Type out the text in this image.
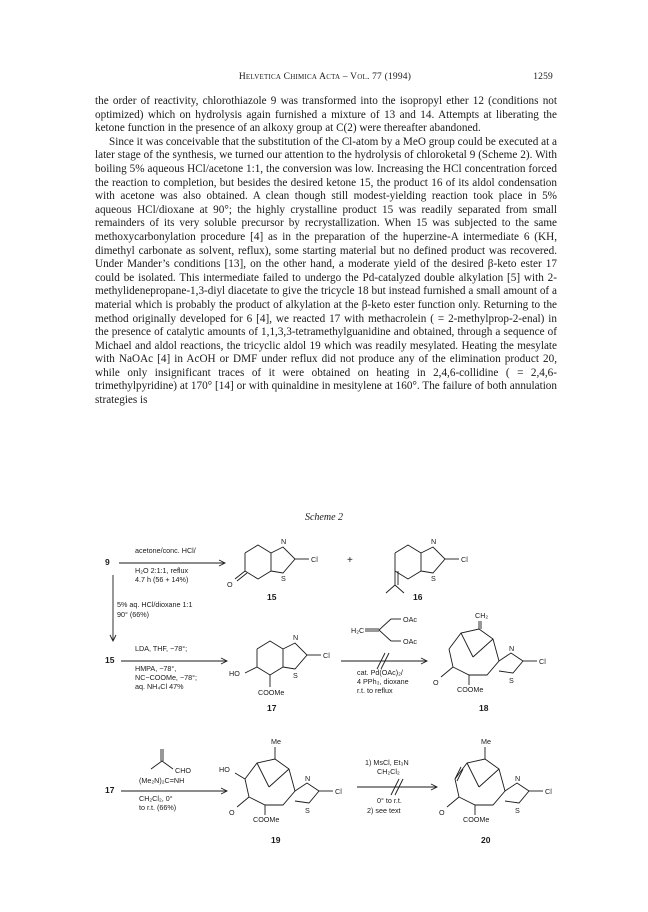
Helvetica Chimica Acta – Vol. 77 (1994)	1259

the order of reactivity, chlorothiazole 9 was transformed into the isopropyl ether 12 (conditions not optimized) which on hydrolysis again furnished a mixture of 13 and 14. Attempts at liberating the ketone function in the presence of an alkoxy group at C(2) were thereafter abandoned.

Since it was conceivable that the substitution of the Cl-atom by a MeO group could be executed at a later stage of the synthesis, we turned our attention to the hydrolysis of chloroketal 9 (Scheme 2). With boiling 5% aqueous HCl/acetone 1:1, the conversion was low. Increasing the HCl concentration forced the reaction to completion, but besides the desired ketone 15, the product 16 of its aldol condensation with acetone was also obtained. A clean though still modest-yielding reaction took place in 5% aqueous HCl/dioxane at 90°; the highly crystalline product 15 was readily separated from small remainders of its very soluble precursor by recrystallization. When 15 was subjected to the same methoxycarbonylation procedure [4] as in the preparation of the huperzine-A intermediate 6 (KH, dimethyl carbonate as solvent, reflux), some starting material but no defined product was recovered. Under Mander’s conditions [13], on the other hand, a moderate yield of the desired β-keto ester 17 could be isolated. This intermediate failed to undergo the Pd-catalyzed double alkylation [5] with 2-methylidenepropane-1,3-diyl diacetate to give the tricycle 18 but instead furnished a small amount of a material which is probably the product of alkylation at the β-keto ester function only. Returning to the method originally developed for 6 [4], we reacted 17 with methacrolein ( = 2-methylprop-2-enal) in the presence of catalytic amounts of 1,1,3,3-tetramethylguanidine and obtained, through a sequence of Michael and aldol reactions, the tricyclic aldol 19 which was readily mesylated. Heating the mesylate with NaOAc [4] in AcOH or DMF under reflux did not produce any of the elimination product 20, while only insignificant traces of it were obtained on heating in 2,4,6-collidine ( = 2,4,6-trimethylpyridine) at 170° [14] or with quinaldine in mesitylene at 160°. The failure of both annulation strategies is

Scheme 2
9
acetone/conc. HCl/
H₂O 2:1:1, reflux
4.7 h (56 + 14%)
N
S
Cl
O
15
+
N
S
Cl
16
5% aq. HCl/dioxane 1:1
90° (66%)
15
LDA, THF, −78°;
HMPA, −78°,
NC−COOMe, −78°;
aq. NH₄Cl 47%
N
S
Cl
HO
COOMe
17
H₂C
OAc
OAc
cat. Pd(OAc)₂/
4 PPh₃, dioxane
r.t. to reflux
CH₂
N
S
Cl
O
COOMe
18
CHO
17
(Me₂N)₂C=NH
CH₂Cl₂, 0°
to r.t. (66%)
Me
HO
N
S
Cl
O
COOMe
19
1) MsCl, Et₃N
CH₂Cl₂
0° to r.t.
2) see text
Me
N
S
Cl
O
COOMe
20
